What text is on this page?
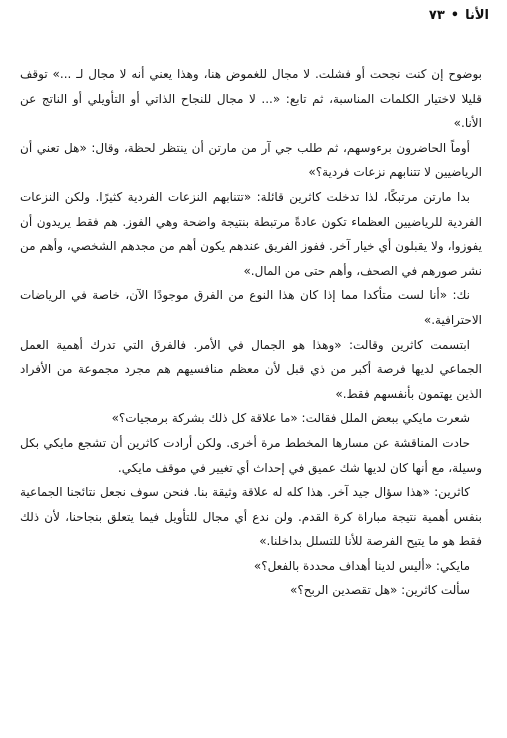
الأنا•٧٣

بوضوح إن كنت نجحت أو فشلت. لا مجال للغموض هنا، وهذا يعني أنه لا مجال لـ ...» توقف قليلا لاختيار الكلمات المناسبة، ثم تابع: «... لا مجال للنجاح الذاتي أو التأويلي أو الناتج عن الأنا.»

أوماً الحاضرون برءوسهم، ثم طلب جي آر من مارتن أن ينتظر لحظة، وقال: «هل تعني أن الرياضيين لا تتنابهم نزعات فردية؟»

بدا مارتن مرتبكًا، لذا تدخلت كاثرين قائلة: «تتنابهم النزعات الفردية كثيرًا. ولكن النزعات الفردية للرياضيين العظماء تكون عادةً مرتبطة بنتيجة واضحة وهي الفوز. هم فقط يريدون أن يفوزوا، ولا يقبلون أي خيار آخر. ففوز الفريق عندهم يكون أهم من مجدهم الشخصي، وأهم من نشر صورهم في الصحف، وأهم حتى من المال.»

نك: «أنا لست متأكدا مما إذا كان هذا النوع من الفرق موجودًا الآن، خاصة في الرياضات الاحترافية.»

ابتسمت كاثرين وقالت: «وهذا هو الجمال في الأمر. فالفرق التي تدرك أهمية العمل الجماعي لديها فرصة أكبر من ذي قبل لأن معظم منافسيهم هم مجرد مجموعة من الأفراد الذين يهتمون بأنفسهم فقط.»

شعرت مايكي ببعض الملل فقالت: «ما علاقة كل ذلك بشركة برمجيات؟»

حادت المناقشة عن مسارها المخطط مرة أخرى. ولكن أرادت كاثرين أن تشجع مايكي بكل وسيلة، مع أنها كان لديها شك عميق في إحداث أي تغيير في موقف مايكي.

كاثرين: «هذا سؤال جيد آخر. هذا كله له علاقة وثيقة بنا. فنحن سوف نجعل نتائجنا الجماعية بنفس أهمية نتيجة مباراة كرة القدم. ولن ندع أي مجال للتأويل فيما يتعلق بنجاحنا، لأن ذلك فقط هو ما يتيح الفرصة للأنا للتسلل بداخلنا.»

مايكي: «أليس لدينا أهداف محددة بالفعل؟»

سألت كاثرين: «هل تقصدين الربح؟»
